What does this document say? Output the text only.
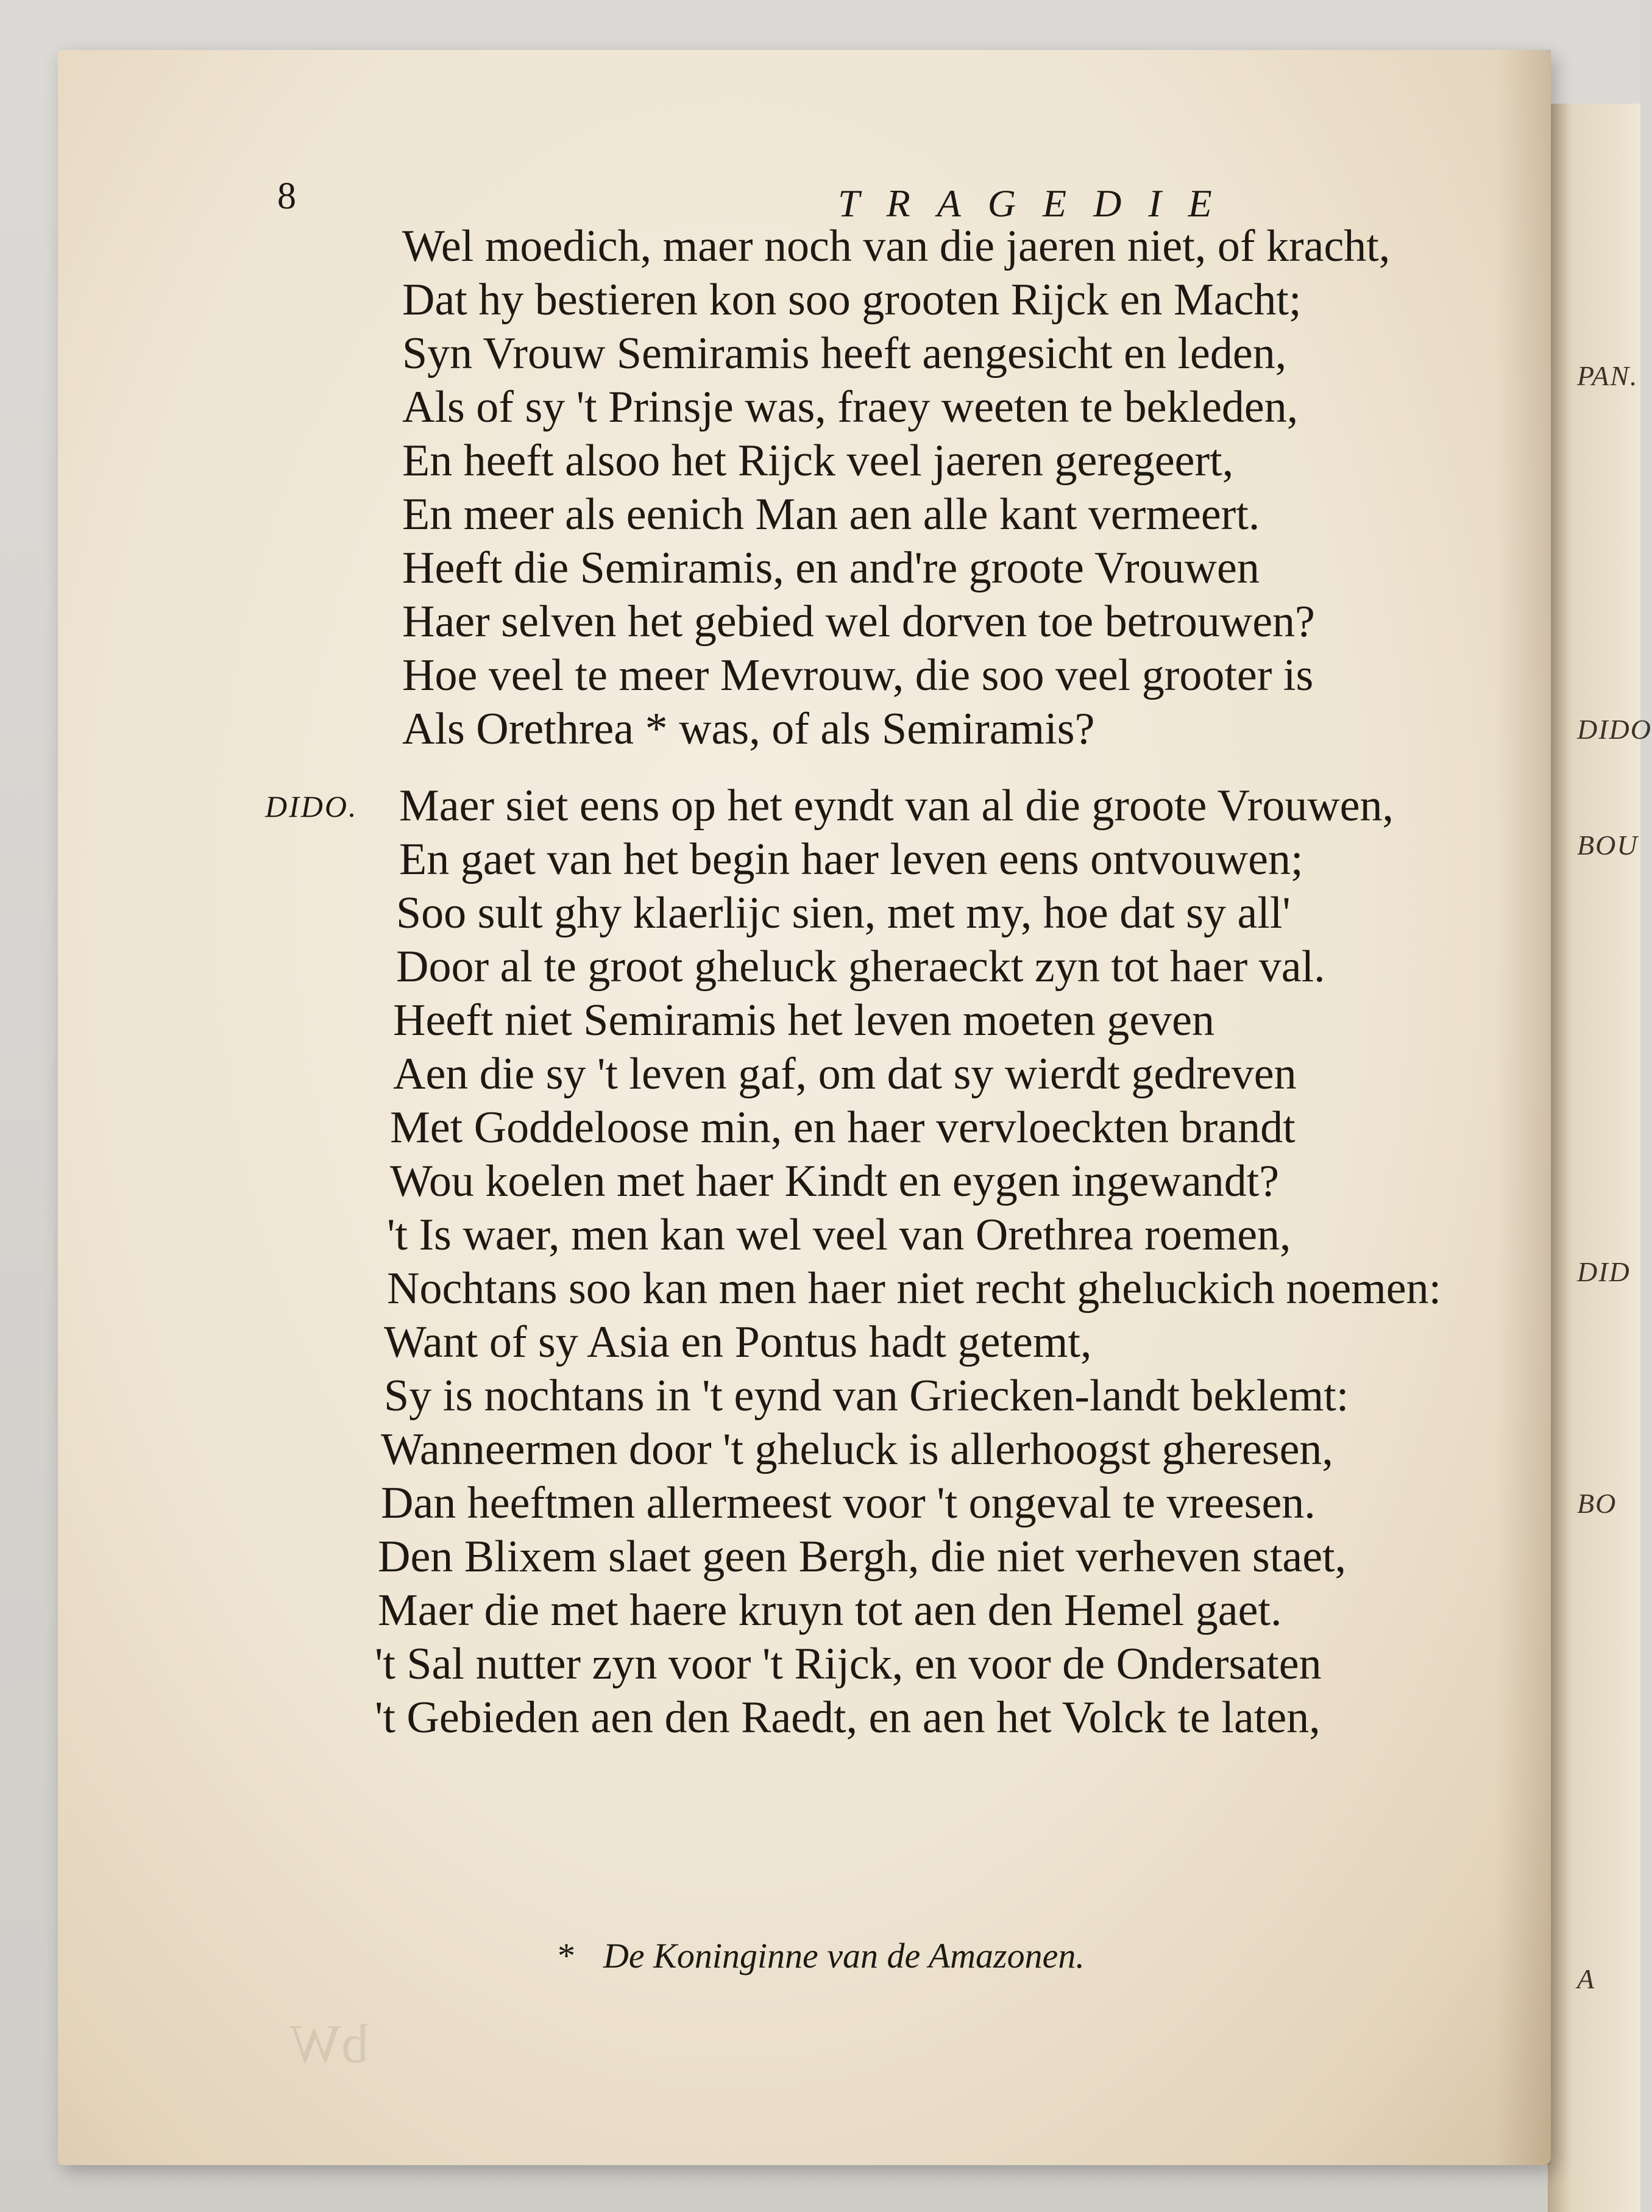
PAN.
DIDO
BOU
DID
BO
A
bW
8	TRAGEDIE
DIDO.
Wel moedich, maer noch van die jaeren niet, of kracht,
Dat hy bestieren kon soo grooten Rijck en Macht;
Syn Vrouw Semiramis heeft aengesicht en leden,
Als of sy 't Prinsje was, fraey weeten te bekleden,
En heeft alsoo het Rijck veel jaeren geregeert,
En meer als eenich Man aen alle kant vermeert.
Heeft die Semiramis, en and're groote Vrouwen
Haer selven het gebied wel dorven toe betrouwen?
Hoe veel te meer Mevrouw, die soo veel grooter is
Als Orethrea * was, of als Semiramis?
Maer siet eens op het eyndt van al die groote Vrouwen,
En gaet van het begin haer leven eens ontvouwen;
Soo sult ghy klaerlijc sien, met my, hoe dat sy all'
Door al te groot gheluck gheraeckt zyn tot haer val.
Heeft niet Semiramis het leven moeten geven
Aen die sy 't leven gaf, om dat sy wierdt gedreven
Met Goddeloose min, en haer vervloeckten brandt
Wou koelen met haer Kindt en eygen ingewandt?
't Is waer, men kan wel veel van Orethrea roemen,
Nochtans soo kan men haer niet recht gheluckich noemen:
Want of sy Asia en Pontus hadt getemt,
Sy is nochtans in 't eynd van Griecken-landt beklemt:
Wanneermen door 't gheluck is allerhoogst gheresen,
Dan heeftmen allermeest voor 't ongeval te vreesen.
Den Blixem slaet geen Bergh, die niet verheven staet,
Maer die met haere kruyn tot aen den Hemel gaet.
't Sal nutter zyn voor 't Rijck, en voor de Ondersaten
't Gebieden aen den Raedt, en aen het Volck te laten,
* De Koninginne van de Amazonen.
